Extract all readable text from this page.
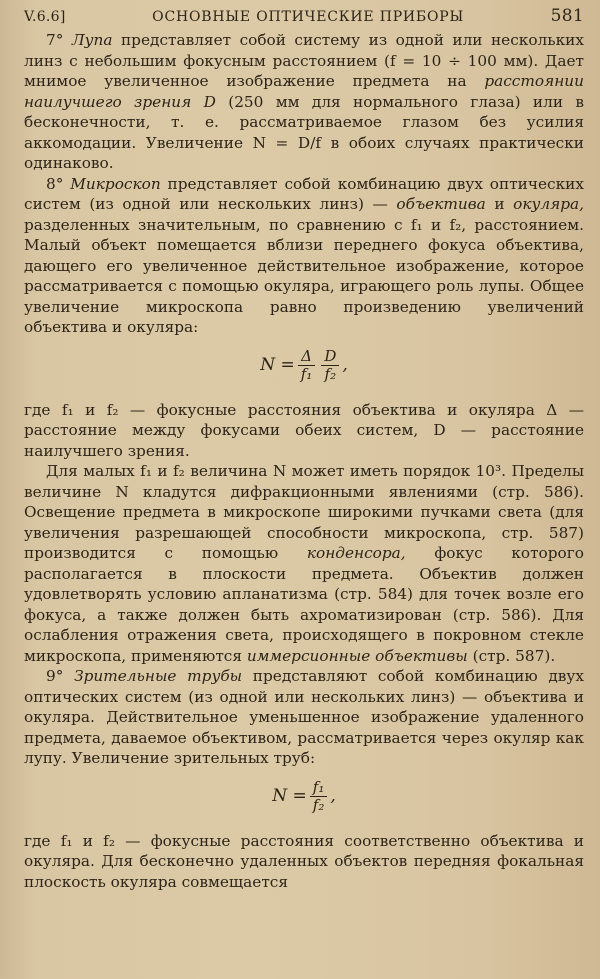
V.6.6]	ОСНОВНЫЕ ОПТИЧЕСКИЕ ПРИБОРЫ	581

7° Лупа представляет собой систему из одной или нескольких линз с небольшим фокусным расстоянием (f = 10 ÷ 100 мм). Дает мнимое увеличенное изображение предмета на расстоянии наилучшего зрения D (250 мм для нормального глаза) или в бесконечности, т. е. рассматриваемое глазом без усилия аккомодации. Увеличение N = D/f в обоих случаях практически одинаково.

8° Микроскоп представляет собой комбинацию двух оптических систем (из одной или нескольких линз) — объектива и окуляра, разделенных значительным, по сравнению с f₁ и f₂, расстоянием. Малый объект помещается вблизи переднего фокуса объектива, дающего его увеличенное действительное изображение, которое рассматривается с помощью окуляра, играющего роль лупы. Общее увеличение микроскопа равно произведению увеличений объектива и окуляра:

$N = \frac{\Delta}{\text{f₁}} \frac{D}{\text{f₂}}$ ,

где f₁ и f₂ — фокусные расстояния объектива и окуляра Δ — расстояние между фокусами обеих систем, D — расстояние наилучшего зрения.

Для малых f₁ и f₂ величина N может иметь порядок 10³. Пределы величине N кладутся дифракционными явлениями (стр. 586). Освещение предмета в микроскопе широкими пучками света (для увеличения разрешающей способности микроскопа, стр. 587) производится с помощью конденсора, фокус которого располагается в плоскости предмета. Объектив должен удовлетворять условию апланатизма (стр. 584) для точек возле его фокуса, а также должен быть ахроматизирован (стр. 586). Для ослабления отражения света, происходящего в покровном стекле микроскопа, применяются иммерсионные объективы (стр. 587).

9° Зрительные трубы представляют собой комбинацию двух оптических систем (из одной или нескольких линз) — объектива и окуляра. Действительное уменьшенное изображение удаленного предмета, даваемое объективом, рассматривается через окуляр как лупу. Увеличение зрительных труб:

$N = \frac{\text{f₁}}{\text{f₂}}$ ,

где f₁ и f₂ — фокусные расстояния соответственно объектива и окуляра. Для бесконечно удаленных объектов передняя фокальная плоскость окуляра совмещается
